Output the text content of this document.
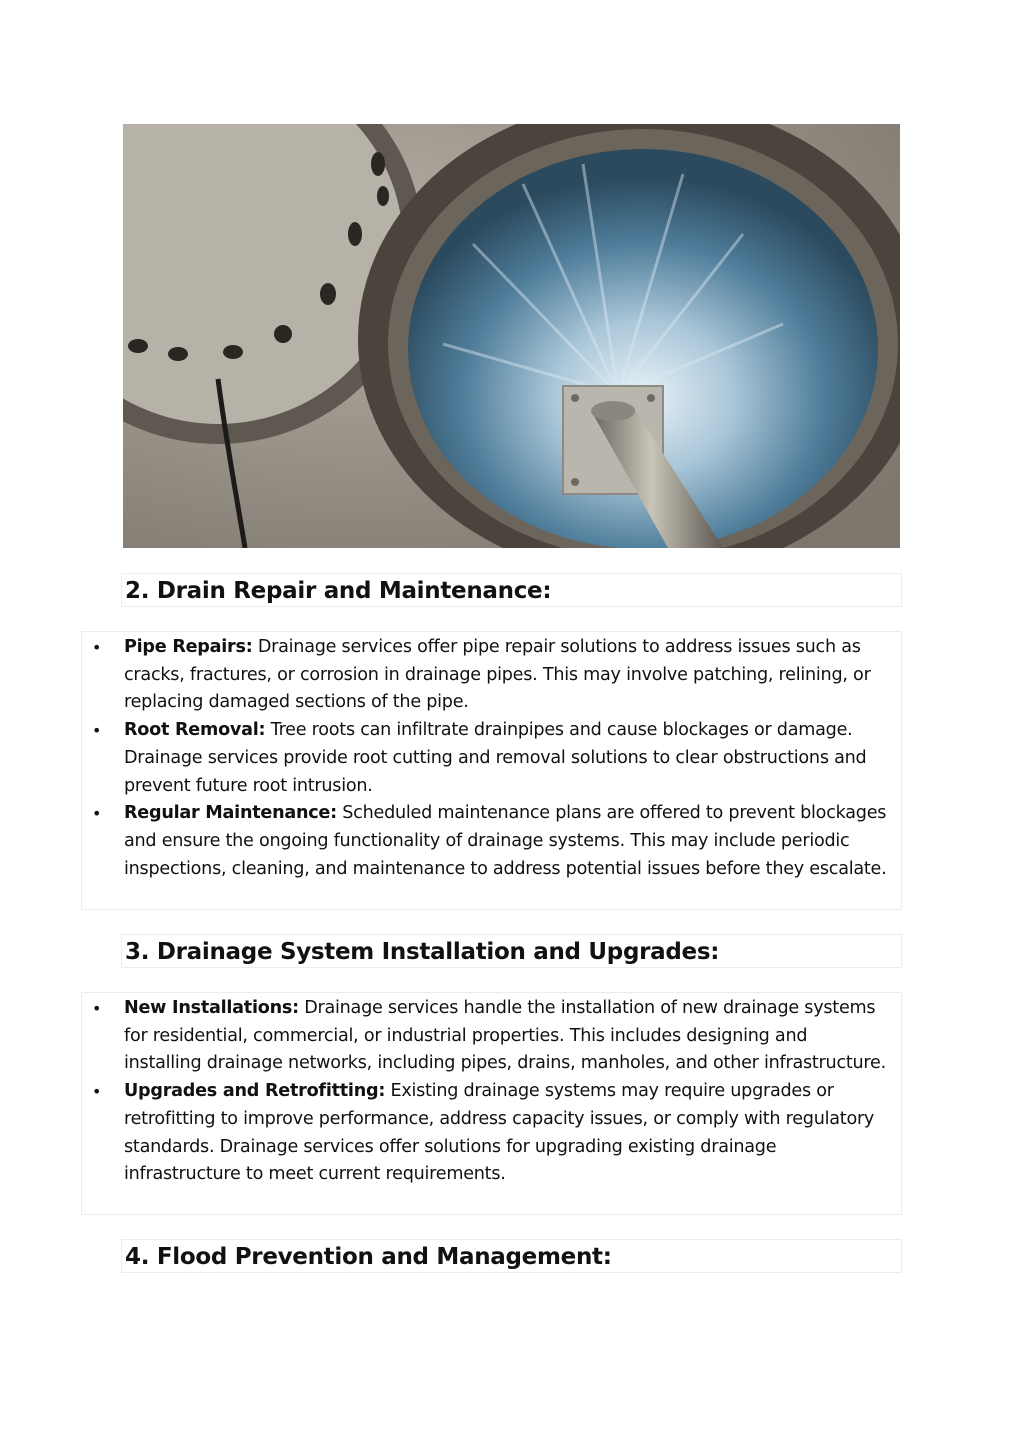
2. Drain Repair and Maintenance:
• Pipe Repairs: Drainage services offer pipe repair solutions to address issues such as cracks, fractures, or corrosion in drainage pipes. This may involve patching, relining, or replacing damaged sections of the pipe.
• Root Removal: Tree roots can infiltrate drainpipes and cause blockages or damage. Drainage services provide root cutting and removal solutions to clear obstructions and prevent future root intrusion.
• Regular Maintenance: Scheduled maintenance plans are offered to prevent blockages and ensure the ongoing functionality of drainage systems. This may include periodic inspections, cleaning, and maintenance to address potential issues before they escalate.
3. Drainage System Installation and Upgrades:
• New Installations: Drainage services handle the installation of new drainage systems for residential, commercial, or industrial properties. This includes designing and installing drainage networks, including pipes, drains, manholes, and other infrastructure.
• Upgrades and Retrofitting: Existing drainage systems may require upgrades or retrofitting to improve performance, address capacity issues, or comply with regulatory standards. Drainage services offer solutions for upgrading existing drainage infrastructure to meet current requirements.
4. Flood Prevention and Management:
